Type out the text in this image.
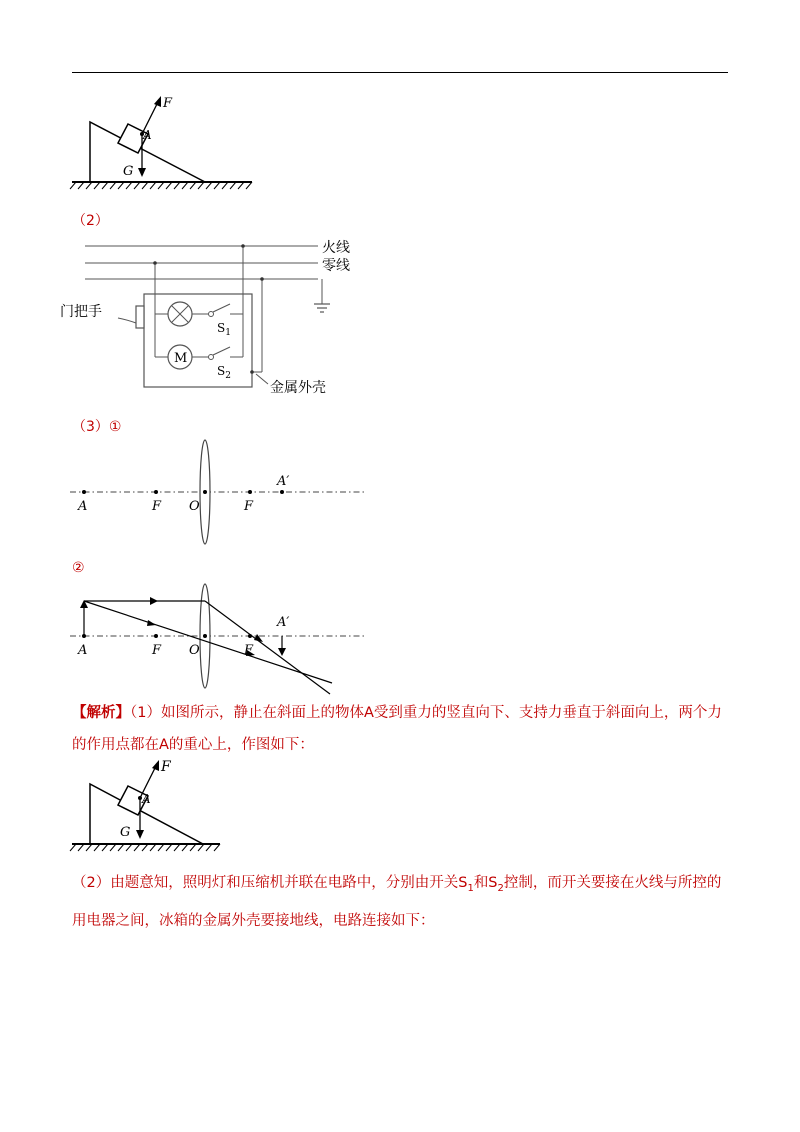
F
A
G
（2）
火线
零线
门把手
$S_1$
M
$S_2$
金属外壳
（3）①
A	F O	F
A′
②
A	F O	F
A′
【解析】（1）如图所示，静止在斜面上的物体A受到重力的竖直向下、支持力垂直于斜面向上，两个力的作用点都在A的重心上，作图如下：
F
A
G
（2）由题意知，照明灯和压缩机并联在电路中，分别由开关$S_1$和$S_2$控制，而开关要接在火线与所控的用电器之间，冰箱的金属外壳要接地线，电路连接如下：
